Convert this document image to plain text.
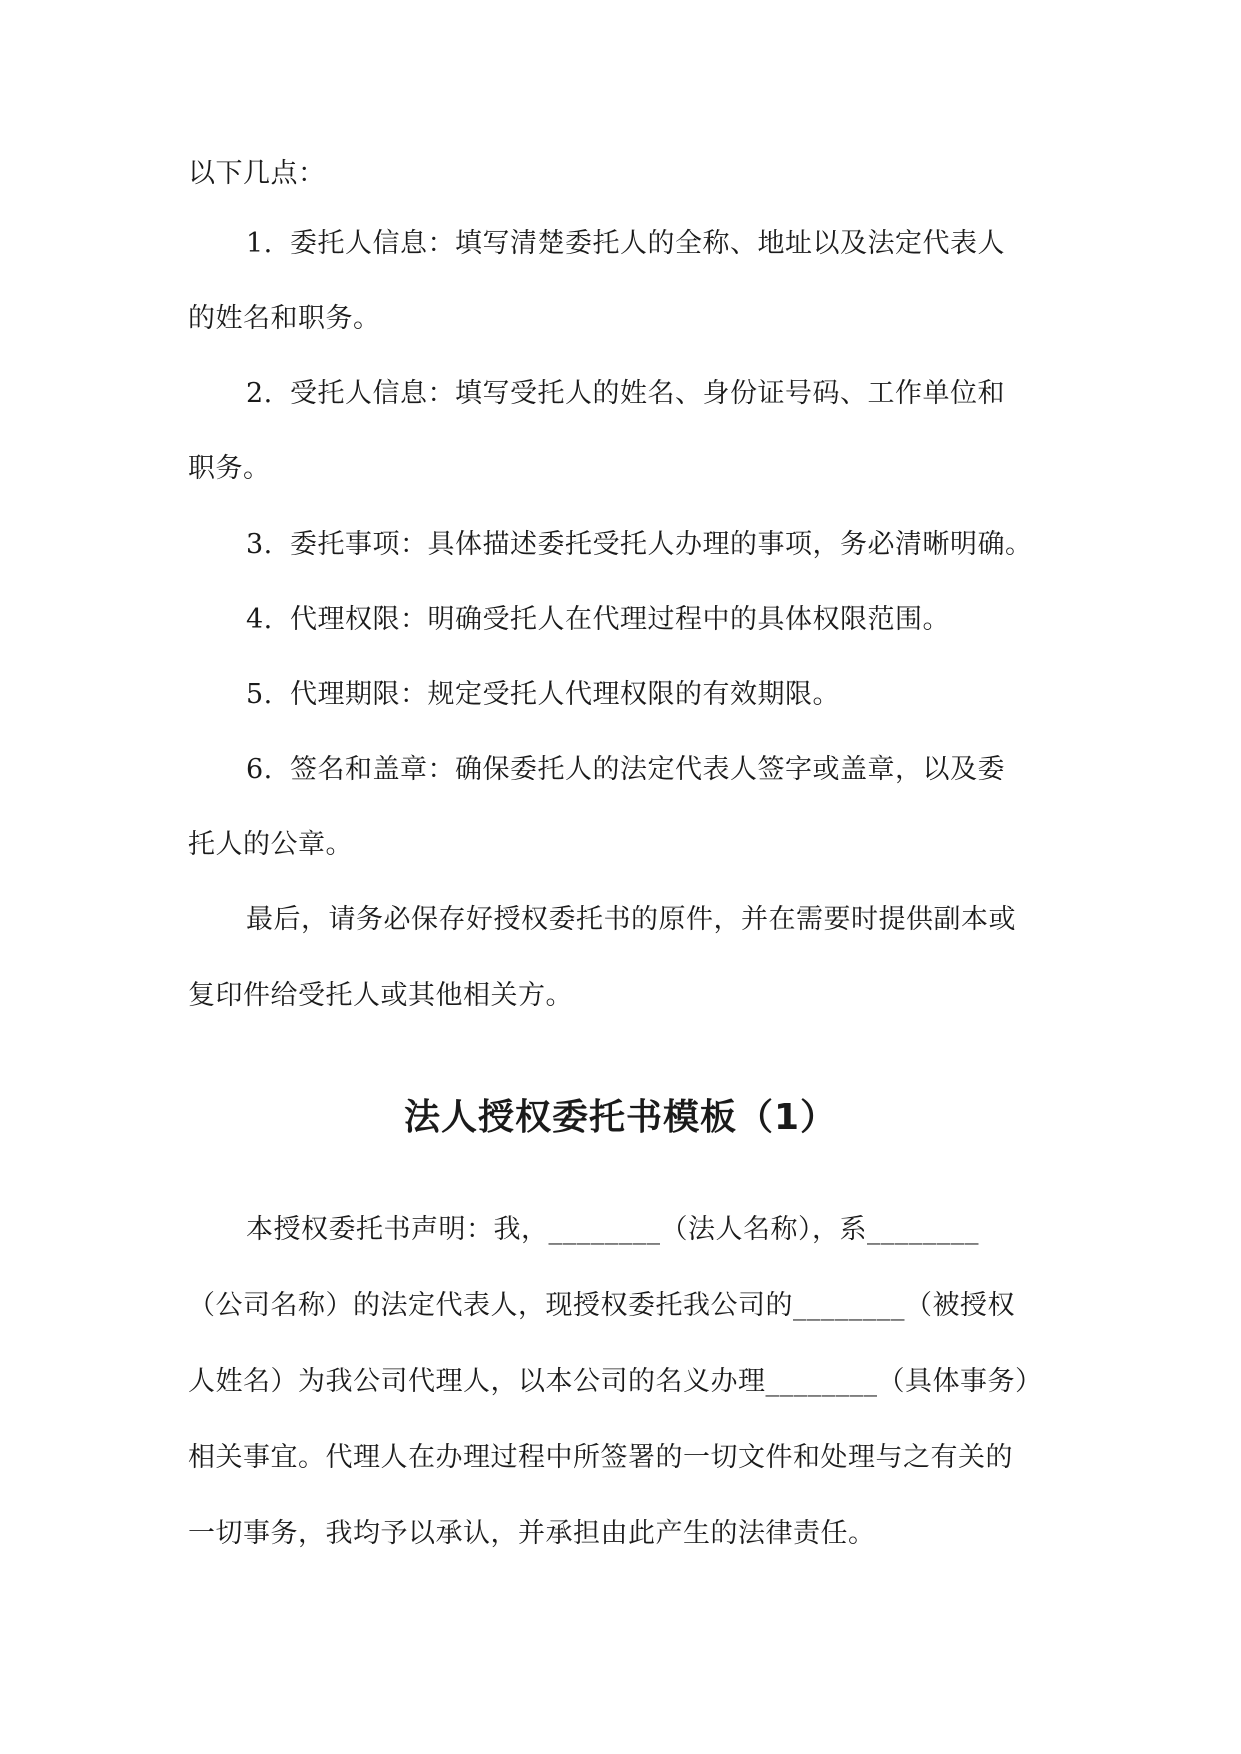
以下几点：
1. 委托人信息：填写清楚委托人的全称、地址以及法定代表人
的姓名和职务。
2. 受托人信息：填写受托人的姓名、身份证号码、工作单位和
职务。
3. 委托事项：具体描述委托受托人办理的事项，务必清晰明确。
4. 代理权限：明确受托人在代理过程中的具体权限范围。
5. 代理期限：规定受托人代理权限的有效期限。
6. 签名和盖章：确保委托人的法定代表人签字或盖章，以及委
托人的公章。
最后，请务必保存好授权委托书的原件，并在需要时提供副本或
复印件给受托人或其他相关方。
法人授权委托书模板（1）
本授权委托书声明：我，________（法人名称），系________
（公司名称）的法定代表人，现授权委托我公司的________（被授权
人姓名）为我公司代理人，以本公司的名义办理________（具体事务）
相关事宜。代理人在办理过程中所签署的一切文件和处理与之有关的
一切事务，我均予以承认，并承担由此产生的法律责任。
